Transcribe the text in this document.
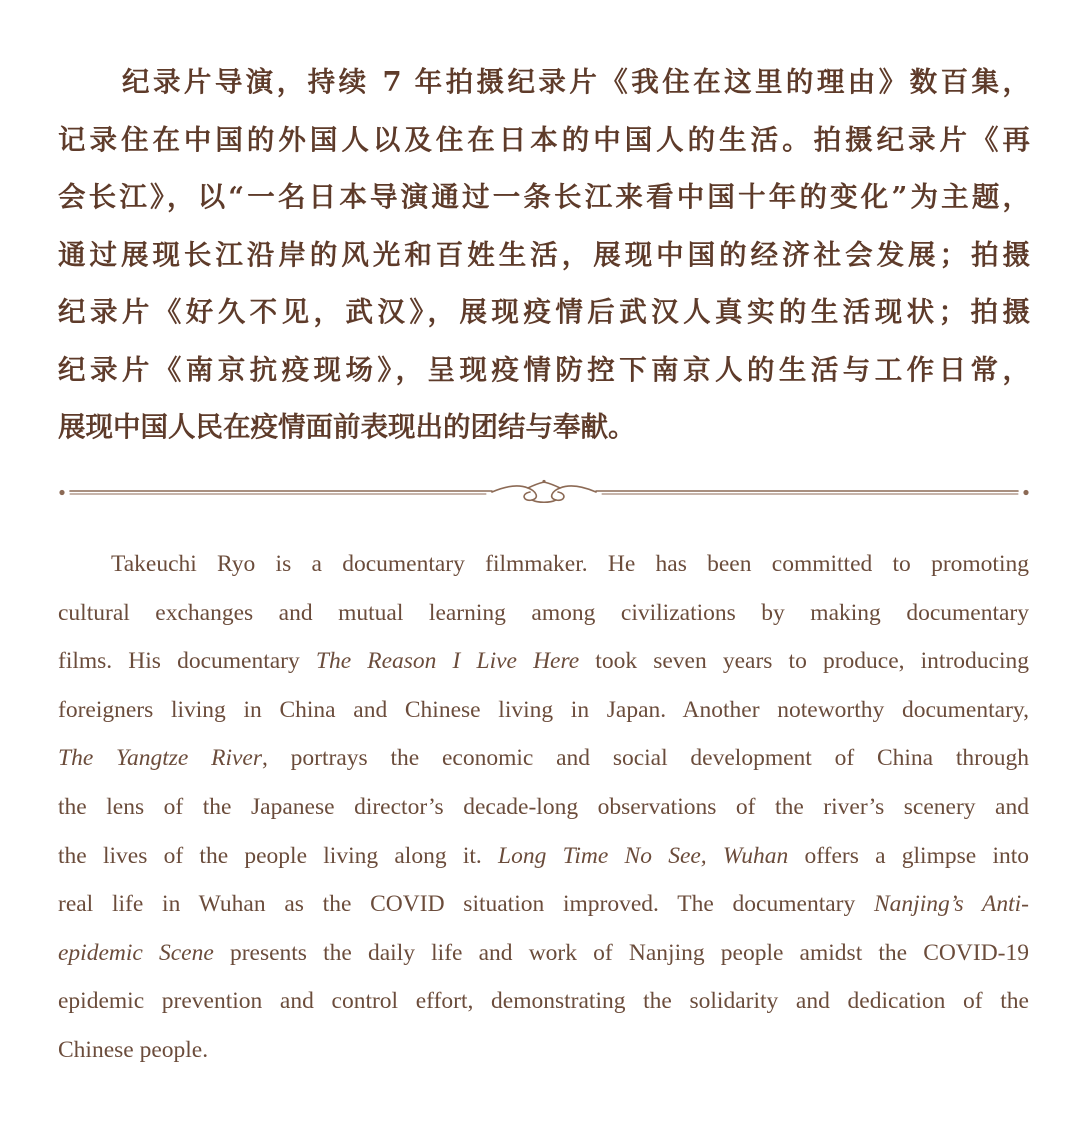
纪录片导演，持续 7 年拍摄纪录片《我住在这里的理由》数百集，
记录住在中国的外国人以及住在日本的中国人的生活。拍摄纪录片《再
会长江》，以“一名日本导演通过一条长江来看中国十年的变化”为主题，
通过展现长江沿岸的风光和百姓生活，展现中国的经济社会发展；拍摄
纪录片《好久不见，武汉》，展现疫情后武汉人真实的生活现状；拍摄
纪录片《南京抗疫现场》，呈现疫情防控下南京人的生活与工作日常，
展现中国人民在疫情面前表现出的团结与奉献。
Takeuchi Ryo is a documentary filmmaker. He has been committed to promoting
cultural exchanges and mutual learning among civilizations by making documentary
films. His documentary The Reason I Live Here took seven years to produce, introducing
foreigners living in China and Chinese living in Japan. Another noteworthy documentary,
The Yangtze River, portrays the economic and social development of China through
the lens of the Japanese director’s decade-long observations of the river’s scenery and
the lives of the people living along it. Long Time No See, Wuhan offers a glimpse into
real life in Wuhan as the COVID situation improved. The documentary Nanjing’s Anti-
epidemic Scene presents the daily life and work of Nanjing people amidst the COVID-19
epidemic prevention and control effort, demonstrating the solidarity and dedication of the
Chinese people.
